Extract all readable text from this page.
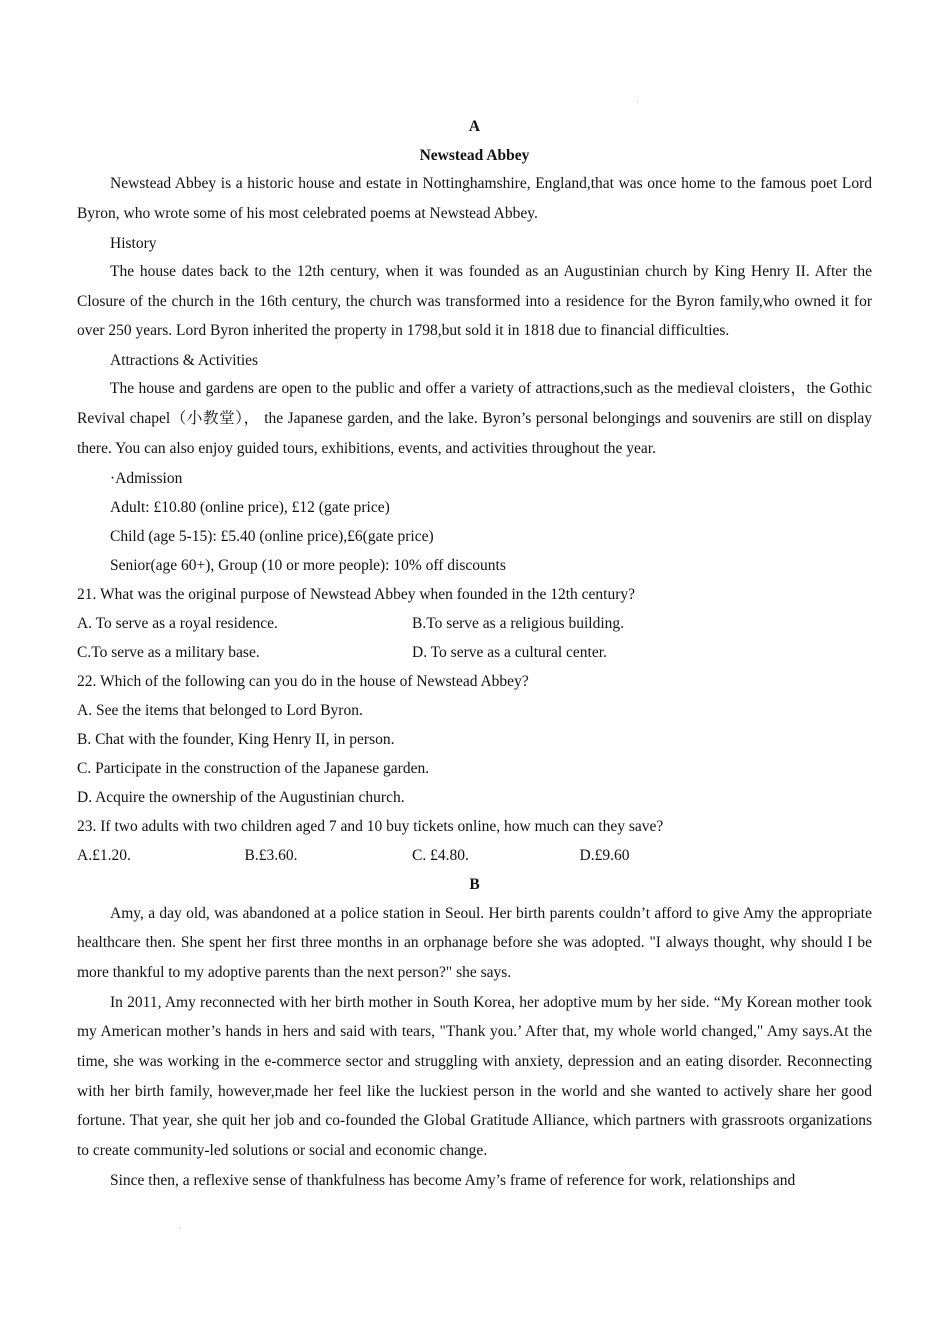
A
Newstead Abbey
Newstead Abbey is a historic house and estate in Nottinghamshire, England,that was once home to the famous poet Lord Byron, who wrote some of his most celebrated poems at Newstead Abbey.
History
The house dates back to the 12th century, when it was founded as an Augustinian church by King Henry II. After the Closure of the church in the 16th century, the church was transformed into a residence for the Byron family,who owned it for over 250 years. Lord Byron inherited the property in 1798,but sold it in 1818 due to financial difficulties.
Attractions & Activities
The house and gardens are open to the public and offer a variety of attractions,such as the medieval cloisters，the Gothic Revival chapel（小教堂）， the Japanese garden, and the lake. Byron’s personal belongings and souvenirs are still on display there. You can also enjoy guided tours, exhibitions, events, and activities throughout the year.
·Admission
Adult: £10.80 (online price), £12 (gate price)
Child (age 5-15): £5.40 (online price),£6(gate price)
Senior(age 60+), Group (10 or more people): 10% off discounts
21. What was the original purpose of Newstead Abbey when founded in the 12th century?
A. To serve as a royal residence.	B.To serve as a religious building.
C.To serve as a military base.	D. To serve as a cultural center.
22. Which of the following can you do in the house of Newstead Abbey?
A. See the items that belonged to Lord Byron.
B. Chat with the founder, King Henry II, in person.
C. Participate in the construction of the Japanese garden.
D. Acquire the ownership of the Augustinian church.
23. If two adults with two children aged 7 and 10 buy tickets online, how much can they save?
A.£1.20.	B.£3.60.	C. £4.80.	D.£9.60
B
Amy, a day old, was abandoned at a police station in Seoul. Her birth parents couldn’t afford to give Amy the appropriate healthcare then. She spent her first three months in an orphanage before she was adopted. "I always thought, why should I be more thankful to my adoptive parents than the next person?" she says.
In 2011, Amy reconnected with her birth mother in South Korea, her adoptive mum by her side. “My Korean mother took my American mother’s hands in hers and said with tears, "Thank you.’ After that, my whole world changed," Amy says.At the time, she was working in the e-commerce sector and struggling with anxiety, depression and an eating disorder. Reconnecting with her birth family, however,made her feel like the luckiest person in the world and she wanted to actively share her good fortune. That year, she quit her job and co-founded the Global Gratitude Alliance, which partners with grassroots organizations to create community-led solutions or social and economic change.
Since then, a reflexive sense of thankfulness has become Amy’s frame of reference for work, relationships and
